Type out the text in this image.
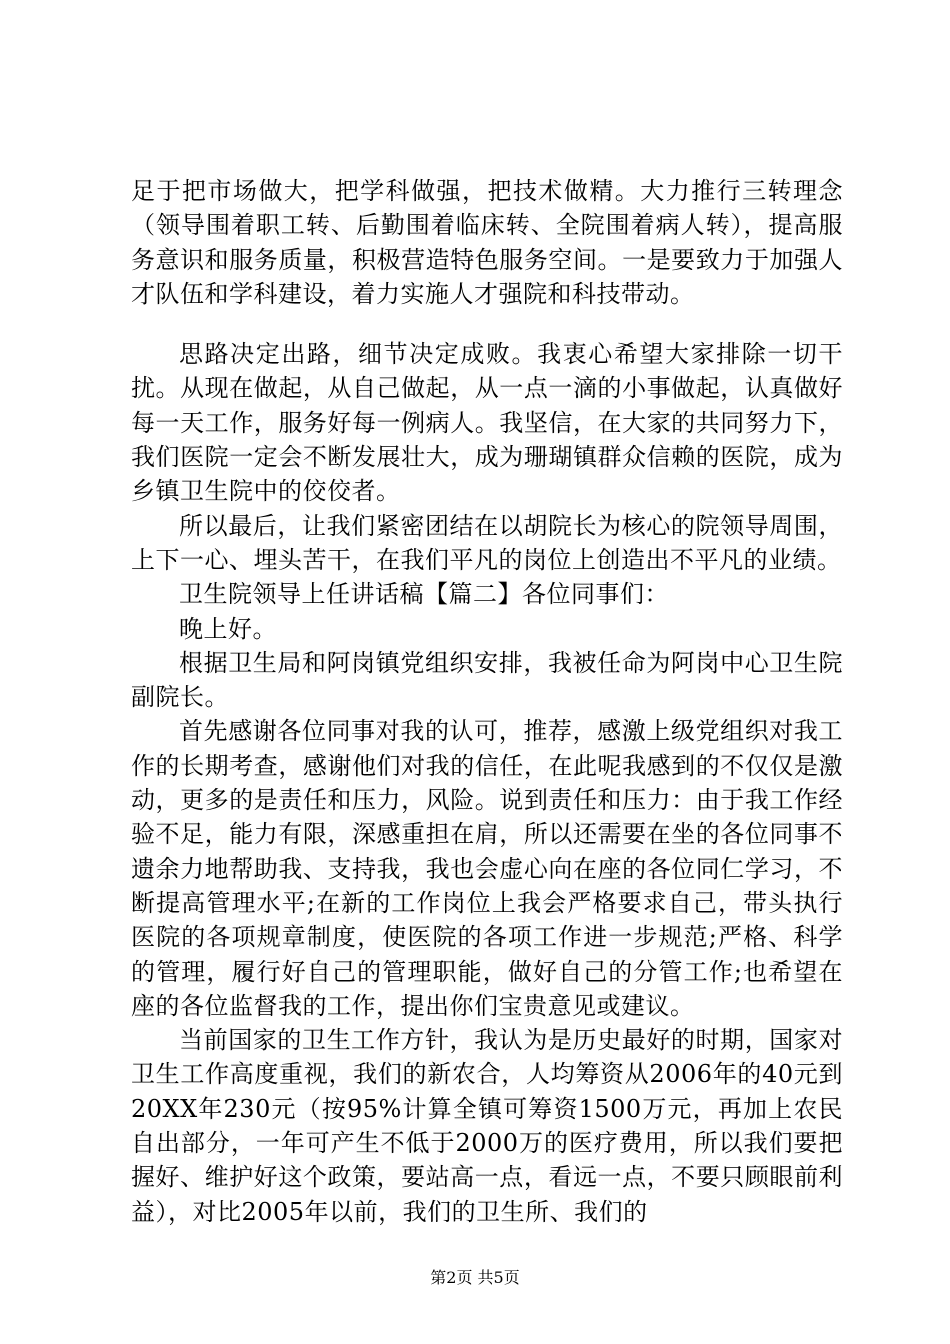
足于把市场做大，把学科做强，把技术做精。大力推行三转理念（领导围着职工转、后勤围着临床转、全院围着病人转），提高服务意识和服务质量，积极营造特色服务空间。一是要致力于加强人才队伍和学科建设，着力实施人才强院和科技带动。

思路决定出路，细节决定成败。我衷心希望大家排除一切干扰。从现在做起，从自己做起，从一点一滴的小事做起，认真做好每一天工作，服务好每一例病人。我坚信，在大家的共同努力下，我们医院一定会不断发展壮大，成为珊瑚镇群众信赖的医院，成为乡镇卫生院中的佼佼者。

所以最后，让我们紧密团结在以胡院长为核心的院领导周围，上下一心、埋头苦干，在我们平凡的岗位上创造出不平凡的业绩。

卫生院领导上任讲话稿【篇二】各位同事们：

晚上好。

根据卫生局和阿岗镇党组织安排，我被任命为阿岗中心卫生院副院长。

首先感谢各位同事对我的认可，推荐，感激上级党组织对我工作的长期考查，感谢他们对我的信任，在此呢我感到的不仅仅是激动，更多的是责任和压力，风险。说到责任和压力：由于我工作经验不足，能力有限，深感重担在肩，所以还需要在坐的各位同事不遗余力地帮助我、支持我，我也会虚心向在座的各位同仁学习，不断提高管理水平;在新的工作岗位上我会严格要求自己，带头执行医院的各项规章制度，使医院的各项工作进一步规范;严格、科学的管理，履行好自己的管理职能，做好自己的分管工作;也希望在座的各位监督我的工作，提出你们宝贵意见或建议。

当前国家的卫生工作方针，我认为是历史最好的时期，国家对卫生工作高度重视，我们的新农合，人均筹资从2006年的40元到20XX年230元（按95%计算全镇可筹资1500万元，再加上农民自出部分，一年可产生不低于2000万的医疗费用，所以我们要把握好、维护好这个政策，要站高一点，看远一点，不要只顾眼前利益），对比2005年以前，我们的卫生所、我们的

第2页 共5页
